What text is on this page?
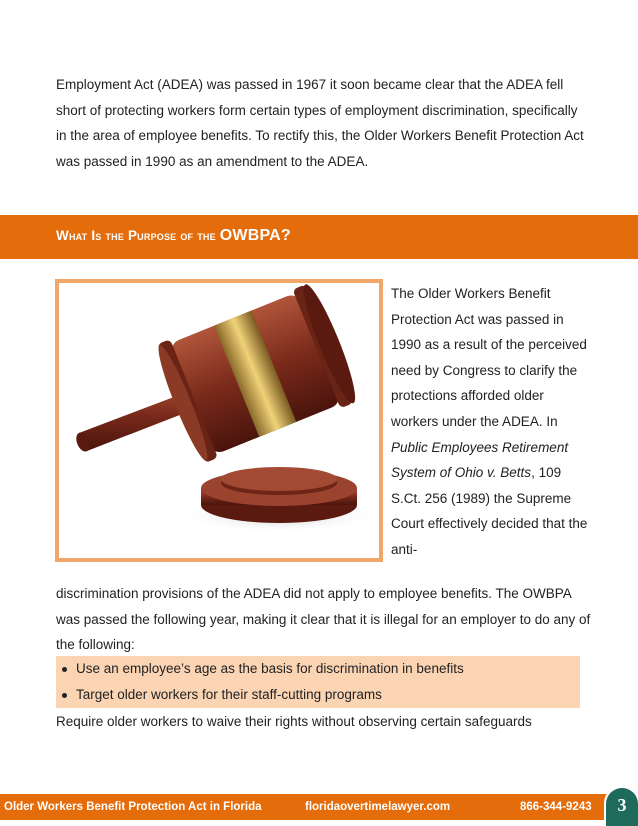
Employment Act (ADEA) was passed in 1967 it soon became clear that the ADEA fell short of protecting workers form certain types of employment discrimination, specifically in the area of employee benefits. To rectify this, the Older Workers Benefit Protection Act was passed in 1990 as an amendment to the ADEA.

What Is the Purpose of the OWBPA?

The Older Workers Benefit Protection Act was passed in 1990 as a result of the perceived need by Congress to clarify the protections afforded older workers under the ADEA. In Public Employees Retirement System of Ohio v. Betts, 109 S.Ct. 256 (1989) the Supreme Court effectively decided that the anti-

discrimination provisions of the ADEA did not apply to employee benefits. The OWBPA was passed the following year, making it clear that it is illegal for an employer to do any of the following:

Use an employee’s age as the basis for discrimination in benefits
Target older workers for their staff-cutting programs

Require older workers to waive their rights without observing certain safeguards

Older Workers Benefit Protection Act in Florida	floridaovertimelawyer.com	866-344-9243	3
